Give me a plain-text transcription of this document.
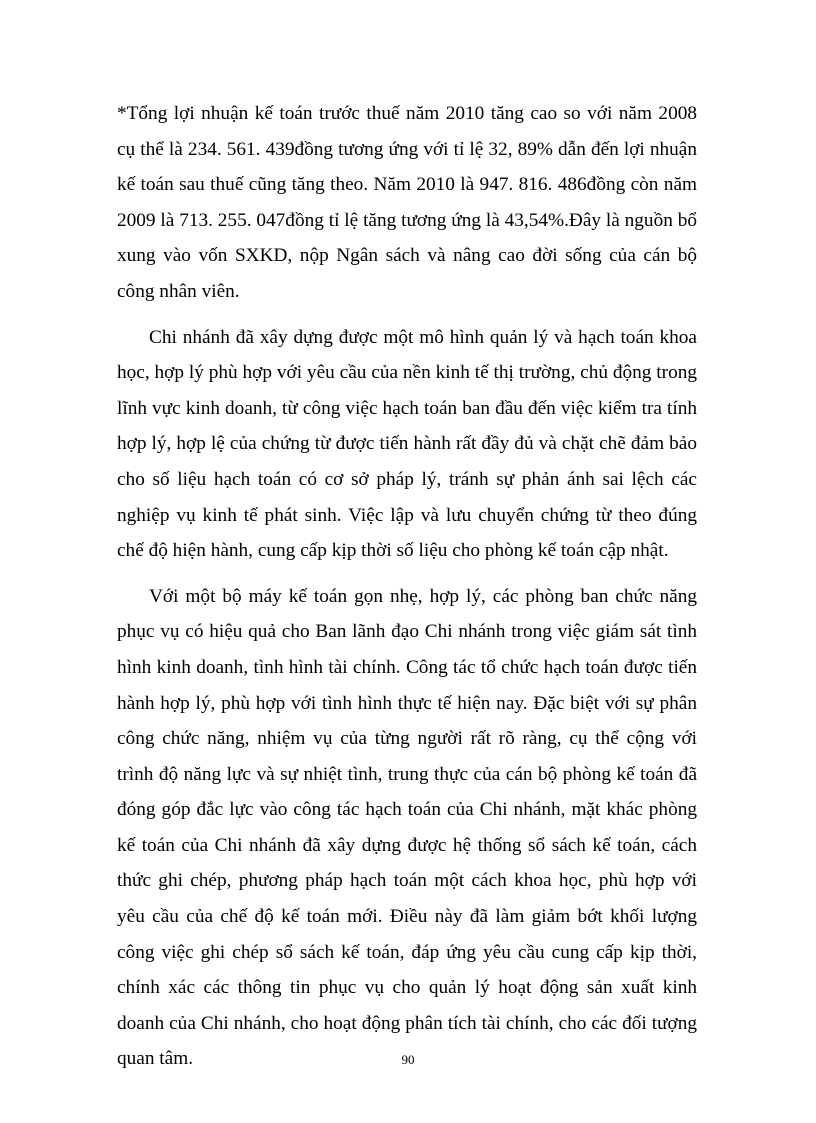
*Tổng lợi nhuận kế toán trước thuế năm 2010 tăng cao so với năm 2008 cụ thể là 234. 561. 439đồng tương ứng với tỉ lệ 32, 89% dẫn đến lợi nhuận kế toán sau thuế cũng tăng theo. Năm 2010 là 947. 816. 486đồng còn năm 2009 là 713. 255. 047đồng tỉ lệ tăng tương ứng là 43,54%.Đây là nguồn bổ xung vào vốn SXKD, nộp Ngân sách và nâng cao đời sống của cán bộ công nhân viên.

Chi nhánh đã xây dựng được một mô hình quản lý và hạch toán khoa học, hợp lý phù hợp với yêu cầu của nền kinh tế thị trường, chủ động trong lĩnh vực kinh doanh, từ công việc hạch toán ban đầu đến việc kiểm tra tính hợp lý, hợp lệ của chứng từ được tiến hành rất đầy đủ và chặt chẽ đảm bảo cho số liệu hạch toán có cơ sở pháp lý, tránh sự phản ánh sai lệch các nghiệp vụ kinh tế phát sinh. Việc lập và lưu chuyển chứng từ theo đúng chế độ hiện hành, cung cấp kịp thời số liệu cho phòng kế toán cập nhật.

Với một bộ máy kế toán gọn nhẹ, hợp lý, các phòng ban chức năng phục vụ có hiệu quả cho Ban lãnh đạo Chi nhánh trong việc giám sát tình hình kinh doanh, tình hình tài chính. Công tác tổ chức hạch toán được tiến hành hợp lý, phù hợp với tình hình thực tế hiện nay. Đặc biệt với sự phân công chức năng, nhiệm vụ của từng người rất rõ ràng, cụ thể cộng với trình độ năng lực và sự nhiệt tình, trung thực của cán bộ phòng kế toán đã đóng góp đắc lực vào công tác hạch toán của Chi nhánh, mặt khác phòng kế toán của Chi nhánh đã xây dựng được hệ thống sổ sách kế toán, cách thức ghi chép, phương pháp hạch toán một cách khoa học, phù hợp với yêu cầu của chế độ kế toán mới. Điều này đã làm giảm bớt khối lượng công việc ghi chép sổ sách kế toán, đáp ứng yêu cầu cung cấp kịp thời, chính xác các thông tin phục vụ cho quản lý hoạt động sản xuất kinh doanh của Chi nhánh, cho hoạt động phân tích tài chính, cho các đối tượng quan tâm.	90
